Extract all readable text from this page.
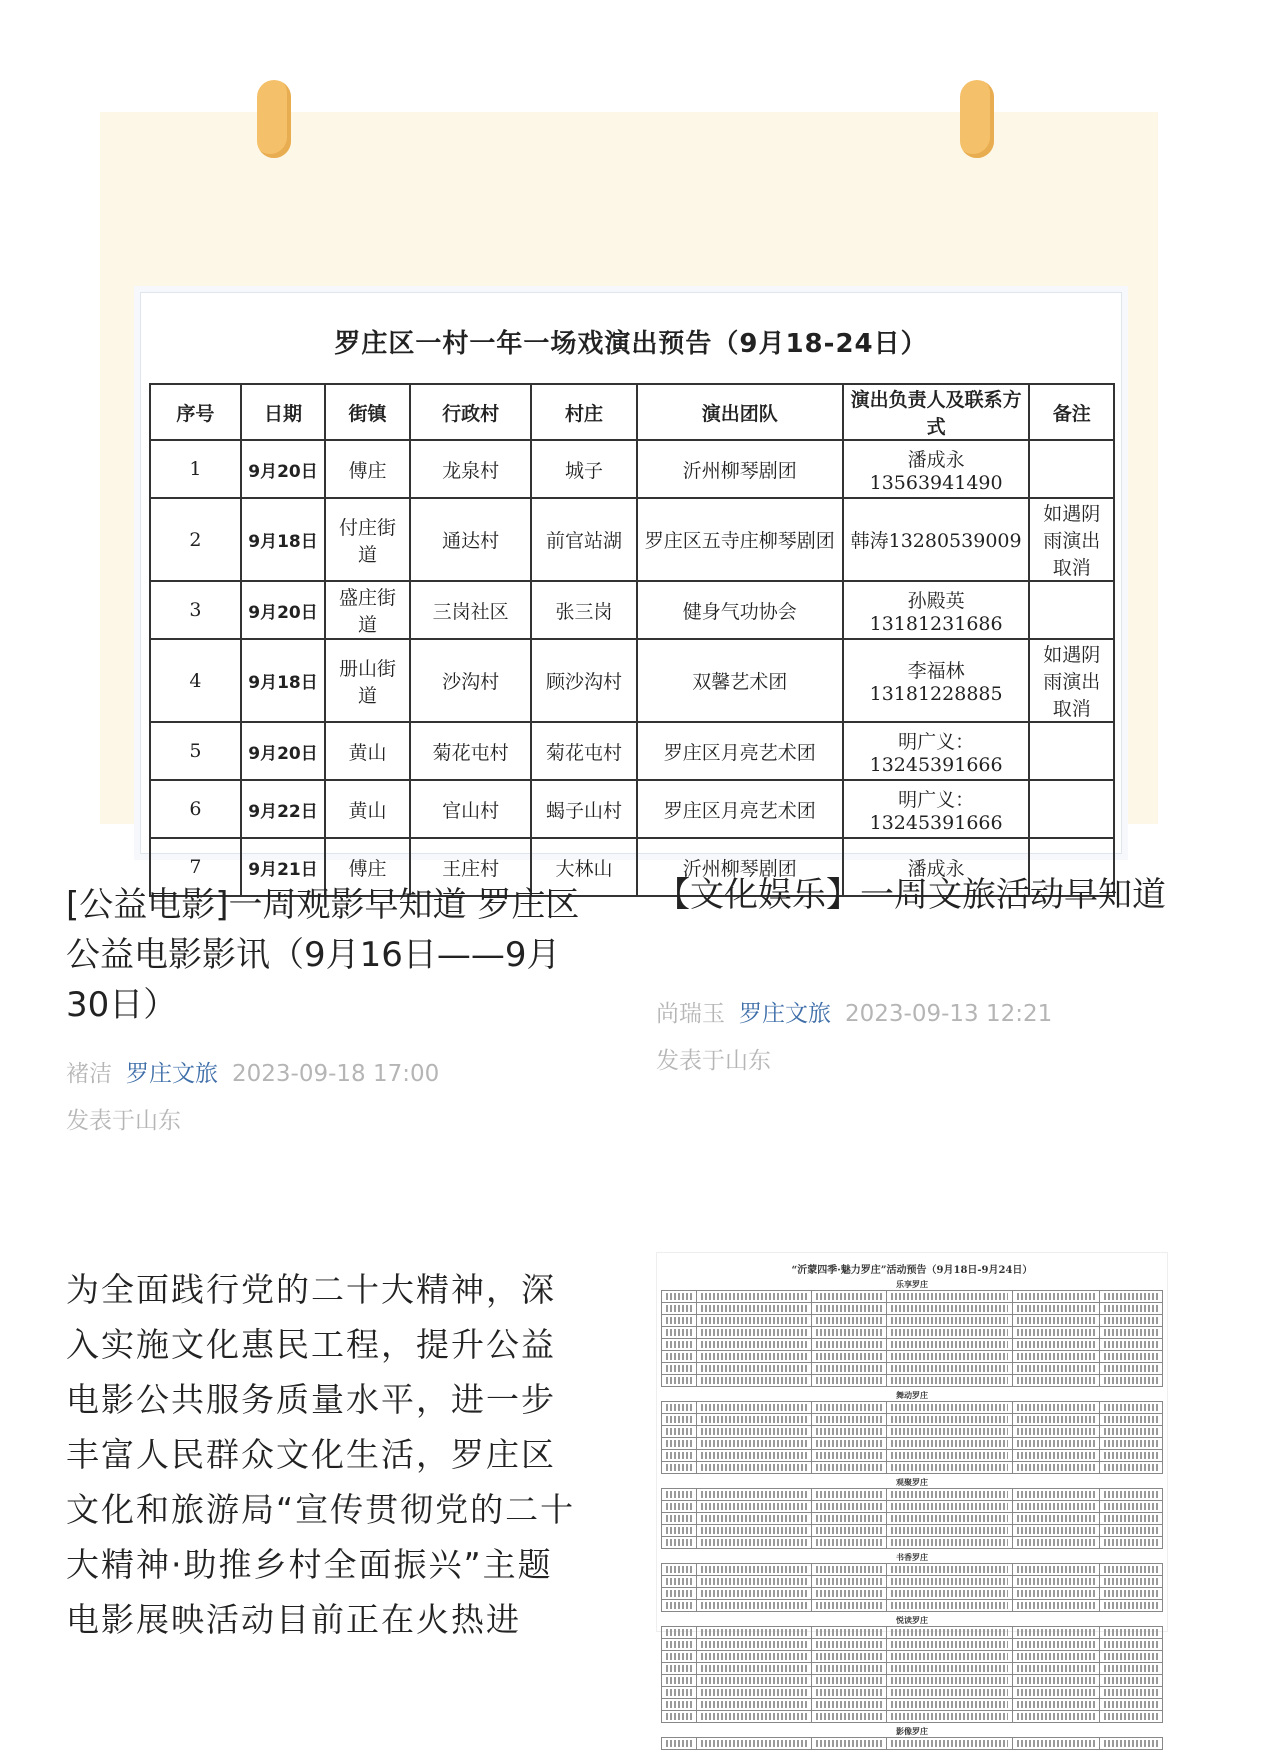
罗庄区一村一年一场戏演出预告（9月18-24日）
序号	日期	街镇	行政村	村庄	演出团队	演出负责人及联系方式	备注
1	9月20日	傅庄	龙泉村	城子	沂州柳琴剧团	潘成永 13563941490	
2	9月18日	付庄街道	通达村	前官站湖	罗庄区五寺庄柳琴剧团	韩涛13280539009	如遇阴雨演出取消
3	9月20日	盛庄街道	三岗社区	张三岗	健身气功协会	孙殿英 13181231686	
4	9月18日	册山街道	沙沟村	顾沙沟村	双馨艺术团	李福林 13181228885	如遇阴雨演出取消
5	9月20日	黄山	菊花屯村	菊花屯村	罗庄区月亮艺术团	明广义：13245391666	
6	9月22日	黄山	官山村	蝎子山村	罗庄区月亮艺术团	明广义：13245391666	
7	9月21日	傅庄	王庄村	大林山	沂州柳琴剧团	潘成永	
[公益电影]一周观影早知道 罗庄区公益电影影讯（9月16日——9月30日）
褚洁 罗庄文旅 2023-09-18 17:00
发表于山东
【文化娱乐】一周文旅活动早知道
尚瑞玉 罗庄文旅 2023-09-13 12:21
发表于山东
为全面践行党的二十大精神，深入实施文化惠民工程，提升公益电影公共服务质量水平，进一步丰富人民群众文化生活，罗庄区文化和旅游局“宣传贯彻党的二十大精神·助推乡村全面振兴”主题电影展映活动目前正在火热进
“沂蒙四季·魅力罗庄”活动预告（9月18日-9月24日）
乐享罗庄

舞动罗庄

观聚罗庄

书香罗庄

悦读罗庄

影像罗庄
